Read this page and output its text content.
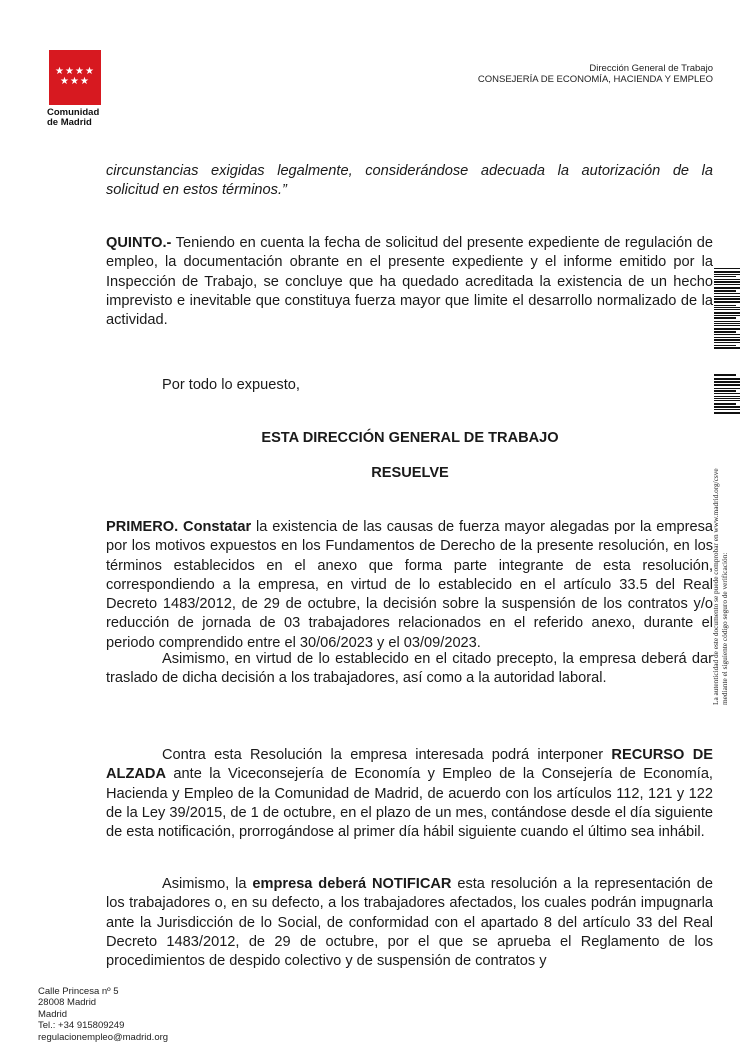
★ ★ ★ ★
★ ★ ★
Comunidad
de Madrid
Dirección General de Trabajo
CONSEJERÍA DE ECONOMÍA, HACIENDA Y EMPLEO
circunstancias exigidas legalmente, considerándose adecuada la autorización de la
solicitud en estos términos.”

QUINTO.- Teniendo en cuenta la fecha de solicitud del presente expediente de regulación de empleo, la documentación obrante en el presente expediente y el informe emitido por la Inspección de Trabajo, se concluye que ha quedado acreditada la existencia de un hecho imprevisto e inevitable que constituya fuerza mayor que limite el desarrollo normalizado de la actividad.

Por todo lo expuesto,
ESTA DIRECCIÓN GENERAL DE TRABAJO
RESUELVE

PRIMERO. Constatar la existencia de las causas de fuerza mayor alegadas por la empresa por los motivos expuestos en los Fundamentos de Derecho de la presente resolución, en los términos establecidos en el anexo que forma parte integrante de esta resolución, correspondiendo a la empresa, en virtud de lo establecido en el artículo 33.5 del Real Decreto 1483/2012, de 29 de octubre, la decisión sobre la suspensión de los contratos y/o reducción de jornada de 03 trabajadores relacionados en el referido anexo, durante el periodo comprendido entre el 30/06/2023 y el 03/09/2023.

Asimismo, en virtud de lo establecido en el citado precepto, la empresa deberá dar traslado de dicha decisión a los trabajadores, así como a la autoridad laboral.

Contra esta Resolución la empresa interesada podrá interponer RECURSO DE ALZADA ante la Viceconsejería de Economía y Empleo de la Consejería de Economía, Hacienda y Empleo de la Comunidad de Madrid, de acuerdo con los artículos 112, 121 y 122 de la Ley 39/2015, de 1 de octubre, en el plazo de un mes, contándose desde el día siguiente de esta notificación, prorrogándose al primer día hábil siguiente cuando el último sea inhábil.

Asimismo, la empresa deberá NOTIFICAR esta resolución a la representación de los trabajadores o, en su defecto, a los trabajadores afectados, los cuales podrán impugnarla ante la Jurisdicción de lo Social, de conformidad con el apartado 8 del artículo 33 del Real Decreto 1483/2012, de 29 de octubre, por el que se aprueba el Reglamento de los procedimientos de despido colectivo y de suspensión de contratos y

Calle Princesa nº 5
28008 Madrid
Madrid
Tel.: +34 915809249
regulacionempleo@madrid.org
La autenticidad de este documento se puede comprobar en www.madrid.org/csve mediante el siguiente código seguro de verificación:
